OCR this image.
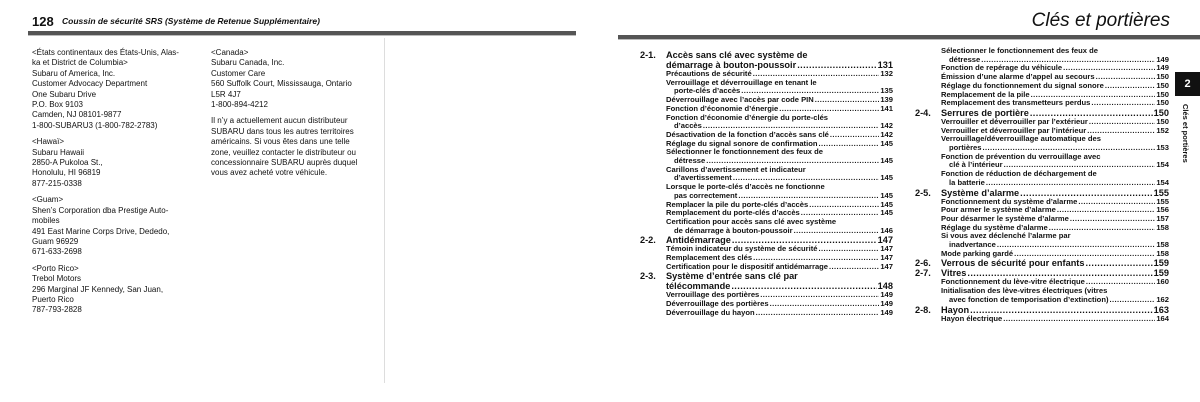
128 Coussin de sécurité SRS (Système de Retenue Supplémentaire)

<États continentaux des États-Unis, Alas-
ka et District de Columbia>
Subaru of America, Inc.
Customer Advocacy Department
One Subaru Drive
P.O. Box 9103
Camden, NJ 08101-9877
1-800-SUBARU3 (1-800-782-2783)

<Hawaï>
Subaru Hawaii
2850-A Pukoloa St.,
Honolulu, HI 96819
877-215-0338

<Guam>
Shen’s Corporation dba Prestige Auto-
mobiles
491 East Marine Corps Drive, Dededo,
Guam 96929
671-633-2698

<Porto Rico>
Trebol Motors
296 Marginal JF Kennedy, San Juan,
Puerto Rico
787-793-2828

<Canada>
Subaru Canada, Inc.
Customer Care
560 Suffolk Court, Mississauga, Ontario
L5R 4J7
1-800-894-4212

Il n’y a actuellement aucun distributeur
SUBARU dans tous les autres territoires
américains. Si vous êtes dans une telle
zone, veuillez contacter le distributeur ou
concessionnaire SUBARU auprès duquel
vous avez acheté votre véhicule.

Clés et portières
2
Clés et portières
2-1. Accès sans clé avec système de
démarrage à bouton-poussoir .....	131
Précautions de sécurité .....	132
Verrouillage et déverrouillage en tenant le
porte-clés d’accès .....	135
Déverrouillage avec l’accès par code PIN .....	139
Fonction d’économie d’énergie .....	141
Fonction d’économie d’énergie du porte-clés
d’accès .....	142
Désactivation de la fonction d’accès sans clé .....	142
Réglage du signal sonore de confirmation .....	145
Sélectionner le fonctionnement des feux de
détresse .....	145
Carillons d’avertissement et indicateur
d’avertissement .....	145
Lorsque le porte-clés d’accès ne fonctionne
pas correctement .....	145
Remplacer la pile du porte-clés d’accès .....	145
Remplacement du porte-clés d’accès .....	145
Certification pour accès sans clé avec système
de démarrage à bouton-poussoir .....	146
2-2. Antidémarrage .....	147
Témoin indicateur du système de sécurité .....	147
Remplacement des clés .....	147
Certification pour le dispositif antidémarrage .....	147
2-3. Système d’entrée sans clé par
télécommande .....	148
Verrouillage des portières .....	149
Déverrouillage des portières .....	149
Déverrouillage du hayon .....	149
Sélectionner le fonctionnement des feux de
détresse .....	149
Fonction de repérage du véhicule .....	149
Émission d’une alarme d’appel au secours .....	150
Réglage du fonctionnement du signal sonore .....	150
Remplacement de la pile .....	150
Remplacement des transmetteurs perdus .....	150
2-4. Serrures de portière .....	150
Verrouiller et déverrouiller par l’extérieur .....	150
Verrouiller et déverrouiller par l’intérieur .....	152
Verrouillage/déverrouillage automatique des
portières .....	153
Fonction de prévention du verrouillage avec
clé à l’intérieur .....	154
Fonction de réduction de déchargement de
la batterie .....	154
2-5. Système d’alarme .....	155
Fonctionnement du système d’alarme .....	155
Pour armer le système d’alarme .....	156
Pour désarmer le système d’alarme .....	157
Réglage du système d’alarme .....	158
Si vous avez déclenché l’alarme par
inadvertance .....	158
Mode parking gardé .....	158
2-6. Verrous de sécurité pour enfants .....	159
2-7. Vitres .....	159
Fonctionnement du lève-vitre électrique .....	160
Initialisation des lève-vitres électriques (vitres
avec fonction de temporisation d’extinction) .....	162
2-8. Hayon .....	163
Hayon électrique .....	164
